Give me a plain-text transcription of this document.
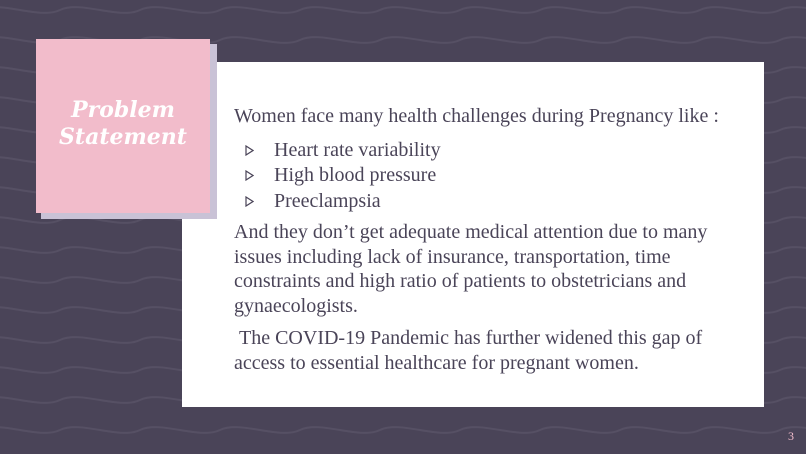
Problem
Statement

Women face many health challenges during Pregnancy like :

Heart rate variability
High blood pressure
Preeclampsia

And they don’t get adequate medical attention due to many issues including lack of insurance, transportation, time constraints and high ratio of patients to obstetricians and gynaecologists.

The COVID-19 Pandemic has further widened this gap of access to essential healthcare for pregnant women.

3
